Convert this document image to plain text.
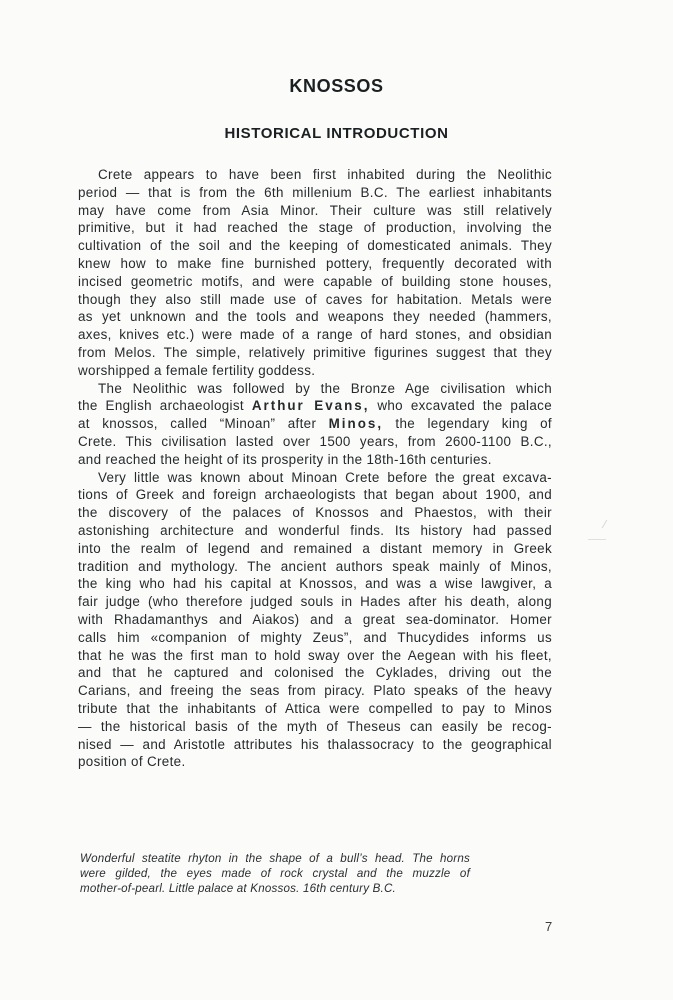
KNOSSOS
HISTORICAL INTRODUCTION
Crete appears to have been first inhabited during the Neolithic
period — that is from the 6th millenium B.C. The earliest inhabitants
may have come from Asia Minor. Their culture was still relatively
primitive, but it had reached the stage of production, involving the
cultivation of the soil and the keeping of domesticated animals. They
knew how to make fine burnished pottery, frequently decorated with
incised geometric motifs, and were capable of building stone houses,
though they also still made use of caves for habitation. Metals were
as yet unknown and the tools and weapons they needed (hammers,
axes, knives etc.) were made of a range of hard stones, and obsidian
from Melos. The simple, relatively primitive figurines suggest that they
worshipped a female fertility goddess.
The Neolithic was followed by the Bronze Age civilisation which
the English archaeologist Arthur Evans, who excavated the palace
at knossos, called “Minoan” after Minos, the legendary king of
Crete. This civilisation lasted over 1500 years, from 2600-1100 B.C.,
and reached the height of its prosperity in the 18th-16th centuries.
Very little was known about Minoan Crete before the great excava-
tions of Greek and foreign archaeologists that began about 1900, and
the discovery of the palaces of Knossos and Phaestos, with their
astonishing architecture and wonderful finds. Its history had passed
into the realm of legend and remained a distant memory in Greek
tradition and mythology. The ancient authors speak mainly of Minos,
the king who had his capital at Knossos, and was a wise lawgiver, a
fair judge (who therefore judged souls in Hades after his death, along
with Rhadamanthys and Aiakos) and a great sea-dominator. Homer
calls him «companion of mighty Zeus”, and Thucydides informs us
that he was the first man to hold sway over the Aegean with his fleet,
and that he captured and colonised the Cyklades, driving out the
Carians, and freeing the seas from piracy. Plato speaks of the heavy
tribute that the inhabitants of Attica were compelled to pay to Minos
— the historical basis of the myth of Theseus can easily be recog-
nised — and Aristotle attributes his thalassocracy to the geographical
position of Crete.
Wonderful steatite rhyton in the shape of a bull’s head. The horns
were gilded, the eyes made of rock crystal and the muzzle of
mother-of-pearl. Little palace at Knossos. 16th century B.C.
7
